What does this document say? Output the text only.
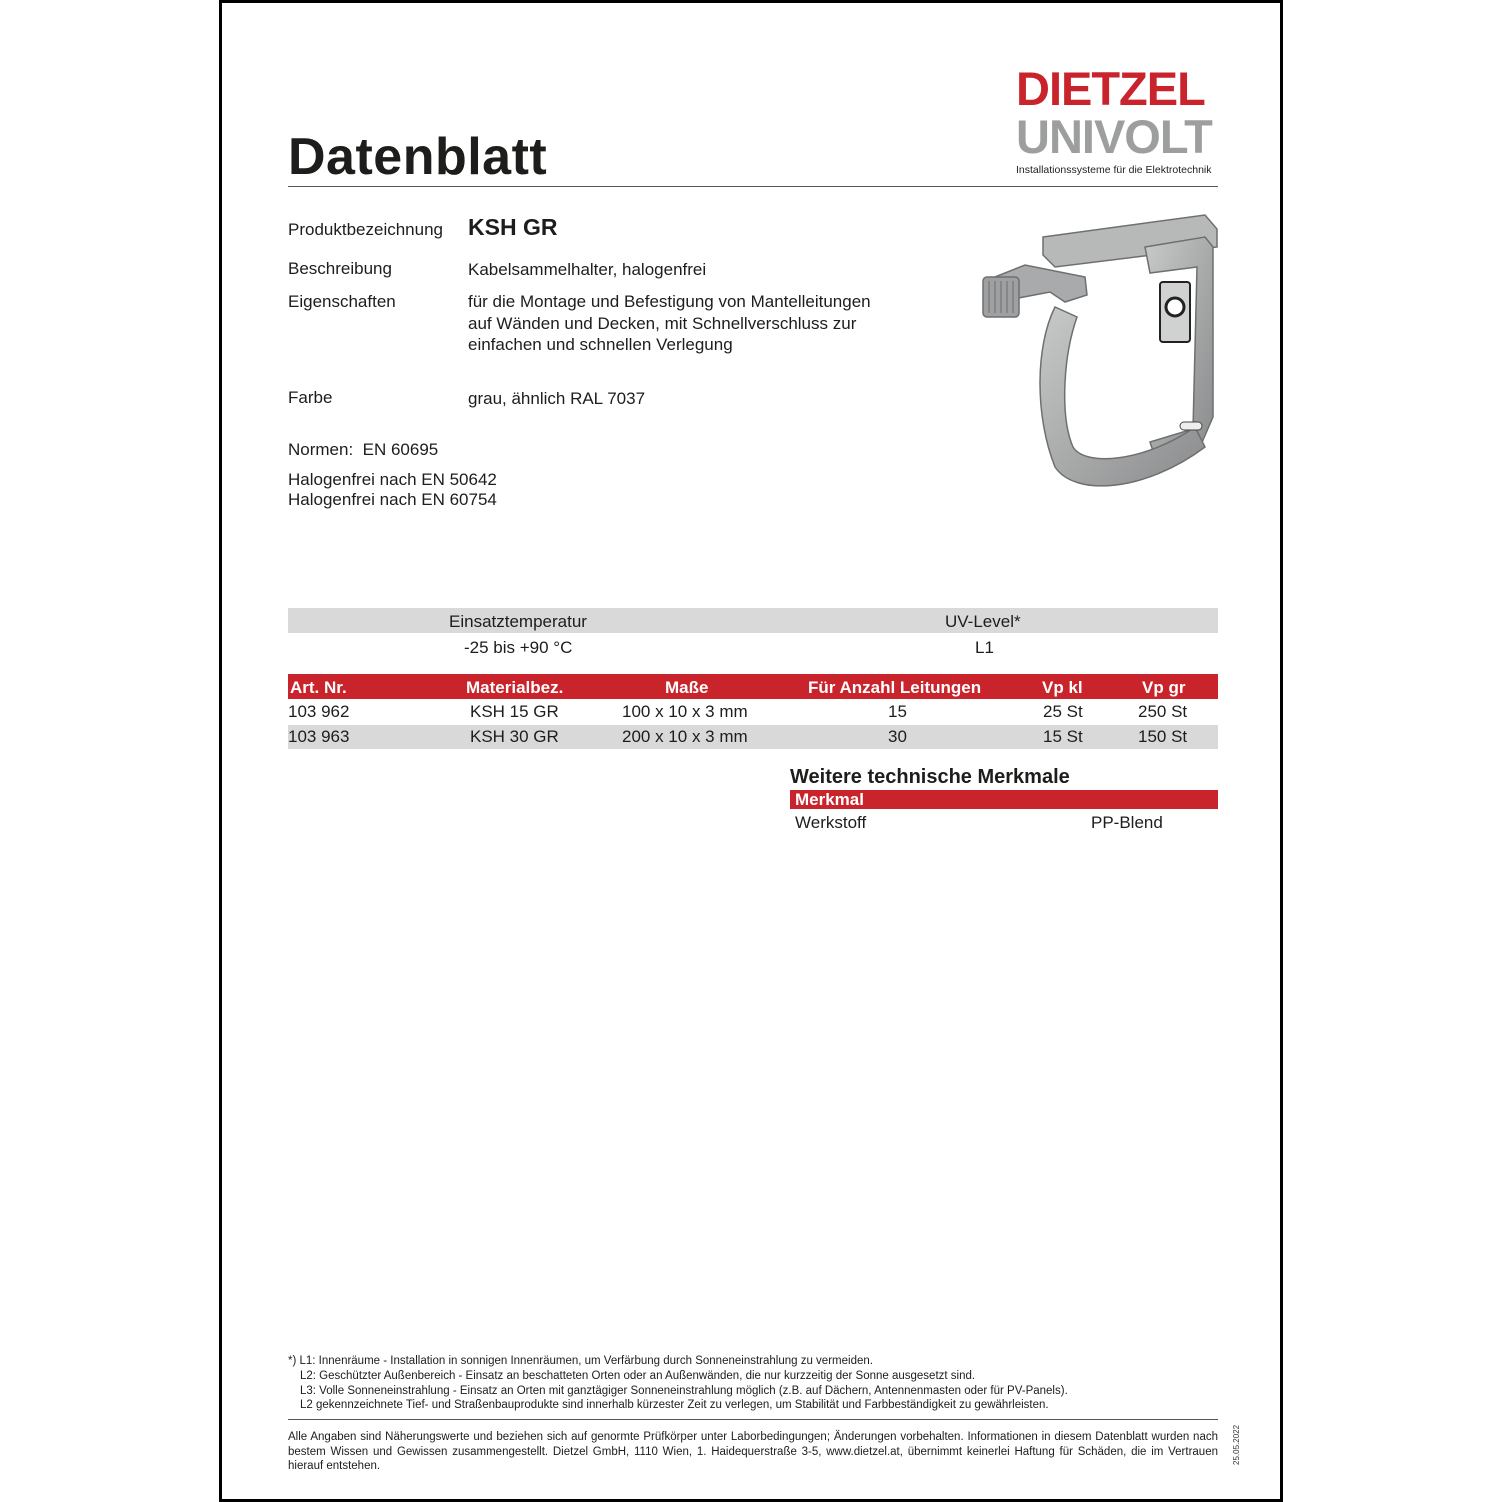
Datenblatt
DIETZEL
UNIVOLT
Installationssysteme für die Elektrotechnik
Produktbezeichnung KSH GR
Beschreibung	Kabelsammelhalter, halogenfrei
Eigenschaften	für die Montage und Befestigung von Mantelleitungen auf Wänden und Decken, mit Schnellverschluss zur einfachen und schnellen Verlegung
Farbe	grau, ähnlich RAL 7037
Normen: EN 60695
Halogenfrei nach EN 50642
Halogenfrei nach EN 60754
Einsatztemperatur	UV-Level*
-25 bis +90 °C	L1
Art. Nr.	Materialbez.	Maße	Für Anzahl Leitungen	Vp kl	Vp gr
103 962	KSH 15 GR	100 x 10 x 3 mm	15	25 St	250 St
103 963	KSH 30 GR	200 x 10 x 3 mm	30	15 St	150 St
Weitere technische Merkmale
Merkmal
Werkstoff	PP-Blend
*) L1: Innenräume - Installation in sonnigen Innenräumen, um Verfärbung durch Sonneneinstrahlung zu vermeiden.
L2: Geschützter Außenbereich - Einsatz an beschatteten Orten oder an Außenwänden, die nur kurzzeitig der Sonne ausgesetzt sind.
L3: Volle Sonneneinstrahlung - Einsatz an Orten mit ganztägiger Sonneneinstrahlung möglich (z.B. auf Dächern, Antennenmasten oder für PV-Panels).
L2 gekennzeichnete Tief- und Straßenbauprodukte sind innerhalb kürzester Zeit zu verlegen, um Stabilität und Farbbeständigkeit zu gewährleisten.
Alle Angaben sind Näherungswerte und beziehen sich auf genormte Prüfkörper unter Laborbedingungen; Änderungen vorbehalten. Informationen in diesem Datenblatt wurden nach bestem Wissen und Gewissen zusammengestellt. Dietzel GmbH, 1110 Wien, 1. Haidequerstraße 3-5, www.dietzel.at, übernimmt keinerlei Haftung für Schäden, die im Vertrauen hierauf entstehen.
25.05.2022
